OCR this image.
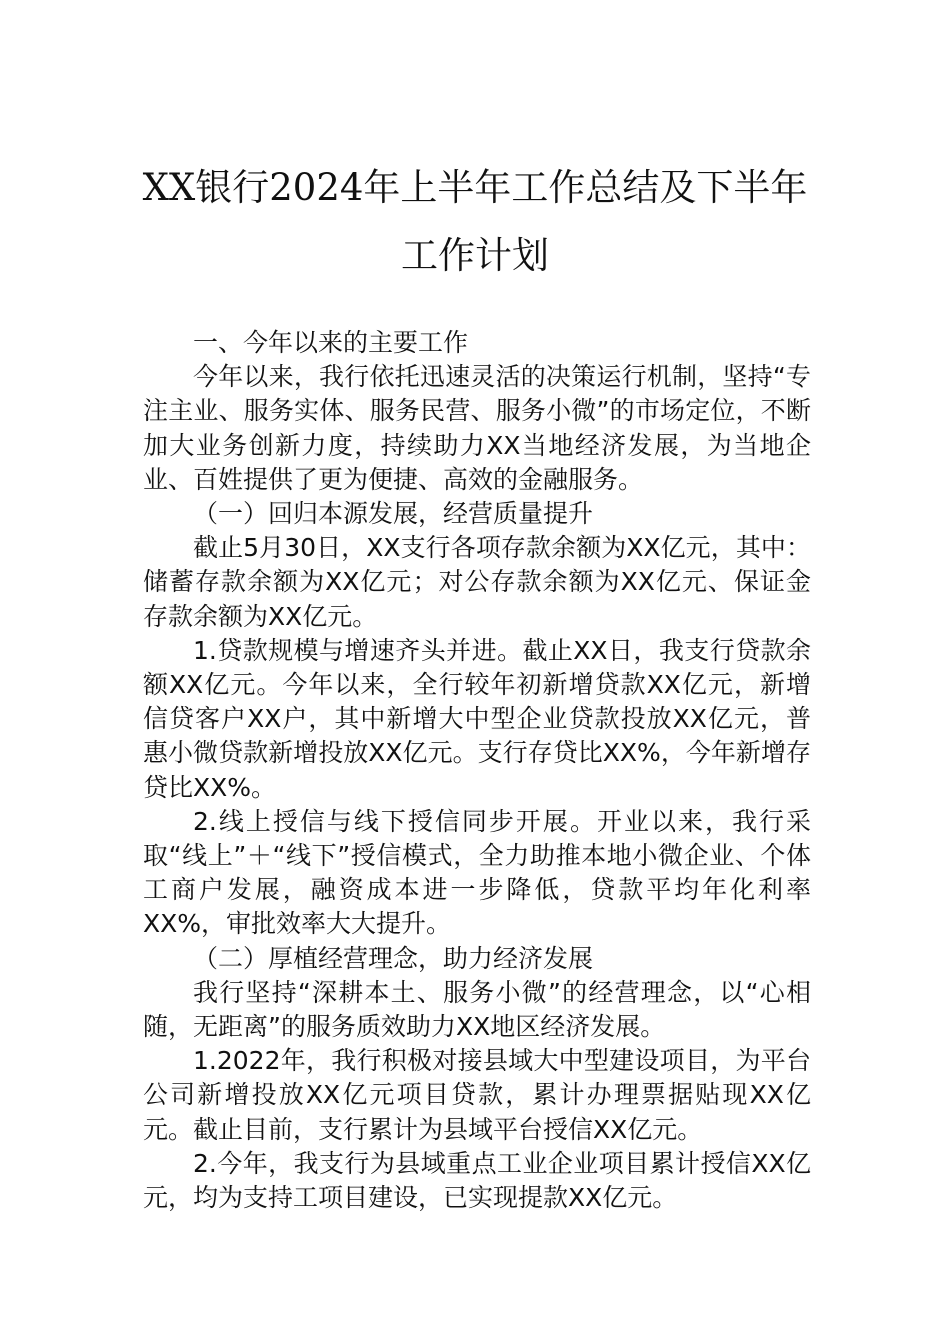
XX银行2024年上半年工作总结及下半年
工作计划

一、今年以来的主要工作

今年以来，我行依托迅速灵活的决策运行机制，坚持“专注主业、服务实体、服务民营、服务小微”的市场定位，不断加大业务创新力度，持续助力XX当地经济发展，为当地企业、百姓提供了更为便捷、高效的金融服务。

（一）回归本源发展，经营质量提升

截止5月30日，XX支行各项存款余额为XX亿元，其中：储蓄存款余额为XX亿元；对公存款余额为XX亿元、保证金存款余额为XX亿元。

1.贷款规模与增速齐头并进。截止XX日，我支行贷款余额XX亿元。今年以来，全行较年初新增贷款XX亿元，新增信贷客户XX户，其中新增大中型企业贷款投放XX亿元，普惠小微贷款新增投放XX亿元。支行存贷比XX%，今年新增存贷比XX%。

2.线上授信与线下授信同步开展。开业以来，我行采取“线上”＋“线下”授信模式，全力助推本地小微企业、个体工商户发展，融资成本进一步降低，贷款平均年化利率XX%，审批效率大大提升。

（二）厚植经营理念，助力经济发展

我行坚持“深耕本土、服务小微”的经营理念，以“心相随，无距离”的服务质效助力XX地区经济发展。

1.2022年，我行积极对接县域大中型建设项目，为平台公司新增投放XX亿元项目贷款，累计办理票据贴现XX亿元。截止目前，支行累计为县域平台授信XX亿元。

2.今年，我支行为县域重点工业企业项目累计授信XX亿元，均为支持工项目建设，已实现提款XX亿元。
